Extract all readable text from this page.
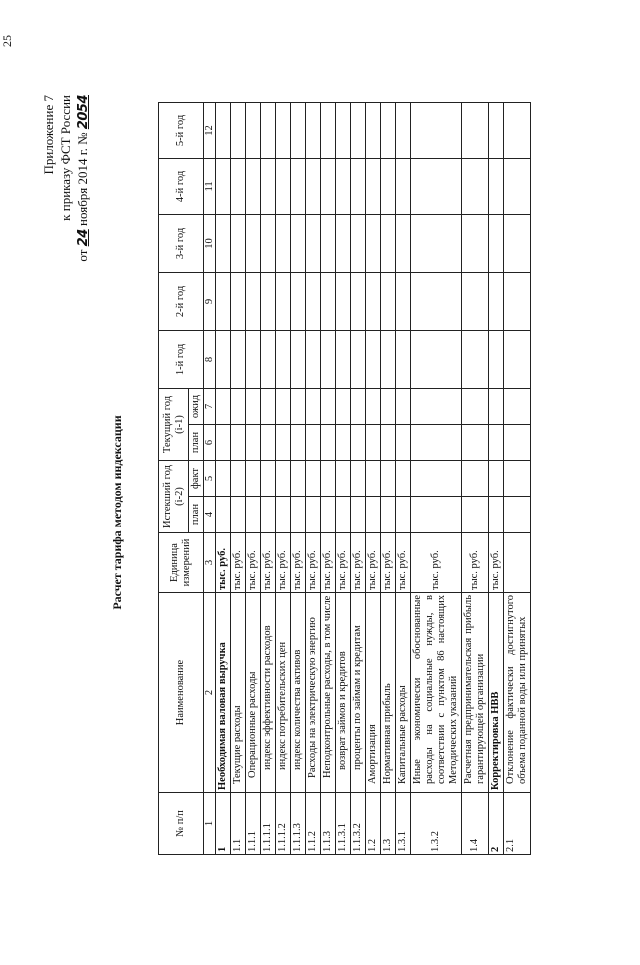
Приложение 7 к приказу ФСТ России
от 24 ноября 2014 г. № 2054
25
Расчет тарифа методом индексации
№ п/п	Наименование	Единица измерений	Истекший год (i-2)		Текущий год (i-1)		1-й год	2-й год	3-й год	4-й год	5-й год
			план	факт	план	ожид					
1	2	3	4	5	6	7	8	9	10	11	12
1	Необходимая валовая выручка	тыс. руб.									
1.1	Текущие расходы	тыс. руб.									
1.1.1	Операционные расходы	тыс. руб.									
1.1.1.1	индекс эффективности расходов	тыс. руб.									
1.1.1.2	индекс потребительских цен	тыс. руб.									
1.1.1.3	индекс количества активов	тыс. руб.									
1.1.2	Расходы на электрическую энергию	тыс. руб.									
1.1.3	Неподконтрольные расходы, в том числе	тыс. руб.									
1.1.3.1	возврат займов и кредитов	тыс. руб.									
1.1.3.2	проценты по займам и кредитам	тыс. руб.									
1.2	Амортизация	тыс. руб.									
1.3	Нормативная прибыль	тыс. руб.									
1.3.1	Капитальные расходы	тыс. руб.									
1.3.2	Иные экономически обоснованные расходы на социальные нужды, в соответствии с пунктом 86 настоящих Методических указаний	тыс. руб.									
1.4	Расчетная предпринимательская прибыль гарантирующей организации	тыс. руб.									
2	Корректировка НВВ	тыс. руб.									
2.1	Отклонение фактически достигнутого объема поданной воды или принятых										
